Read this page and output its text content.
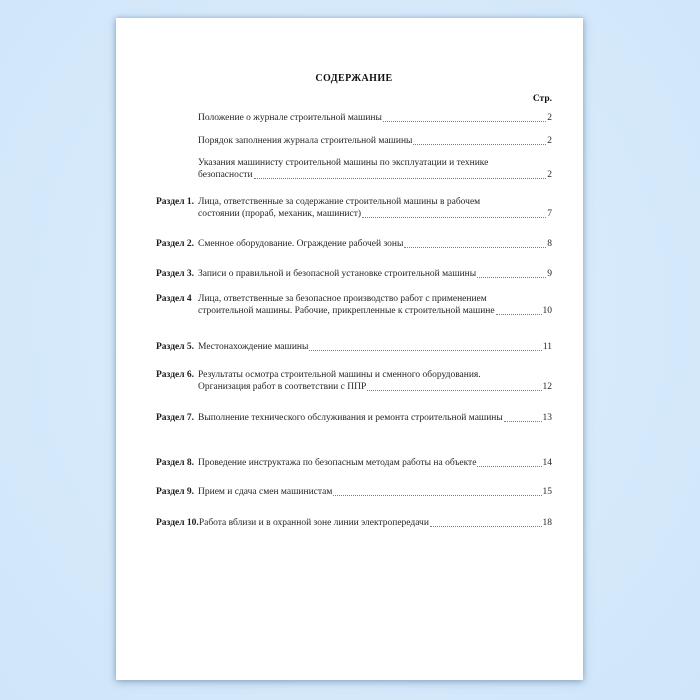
СОДЕРЖАНИЕ
Стр.
Положение о журнале строительной машины	2
Порядок заполнения журнала строительной машины	2
Указания машинисту строительной машины по эксплуатации и технике
безопасности	2
Раздел 1. Лица, ответственные за содержание строительной машины в рабочем
состоянии (прораб, механик, машинист)	7
Раздел 2. Сменное оборудование. Ограждение рабочей зоны	8
Раздел 3. Записи о правильной и безопасной установке строительной машины	9
Раздел 4 Лица, ответственные за безопасное производство работ с применением
строительной машины. Рабочие, прикрепленные к строительной машине	10
Раздел 5. Местонахождение машины	11
Раздел 6. Результаты осмотра строительной машины и сменного оборудования.
Организация работ в соответствии с ППР	12
Раздел 7. Выполнение технического обслуживания и ремонта строительной машины	13
Раздел 8. Проведение инструктажа по безопасным методам работы на объекте	14
Раздел 9. Прием и сдача смен машинистам	15
Раздел 10. Работа вблизи и в охранной зоне линии электропередачи	18
